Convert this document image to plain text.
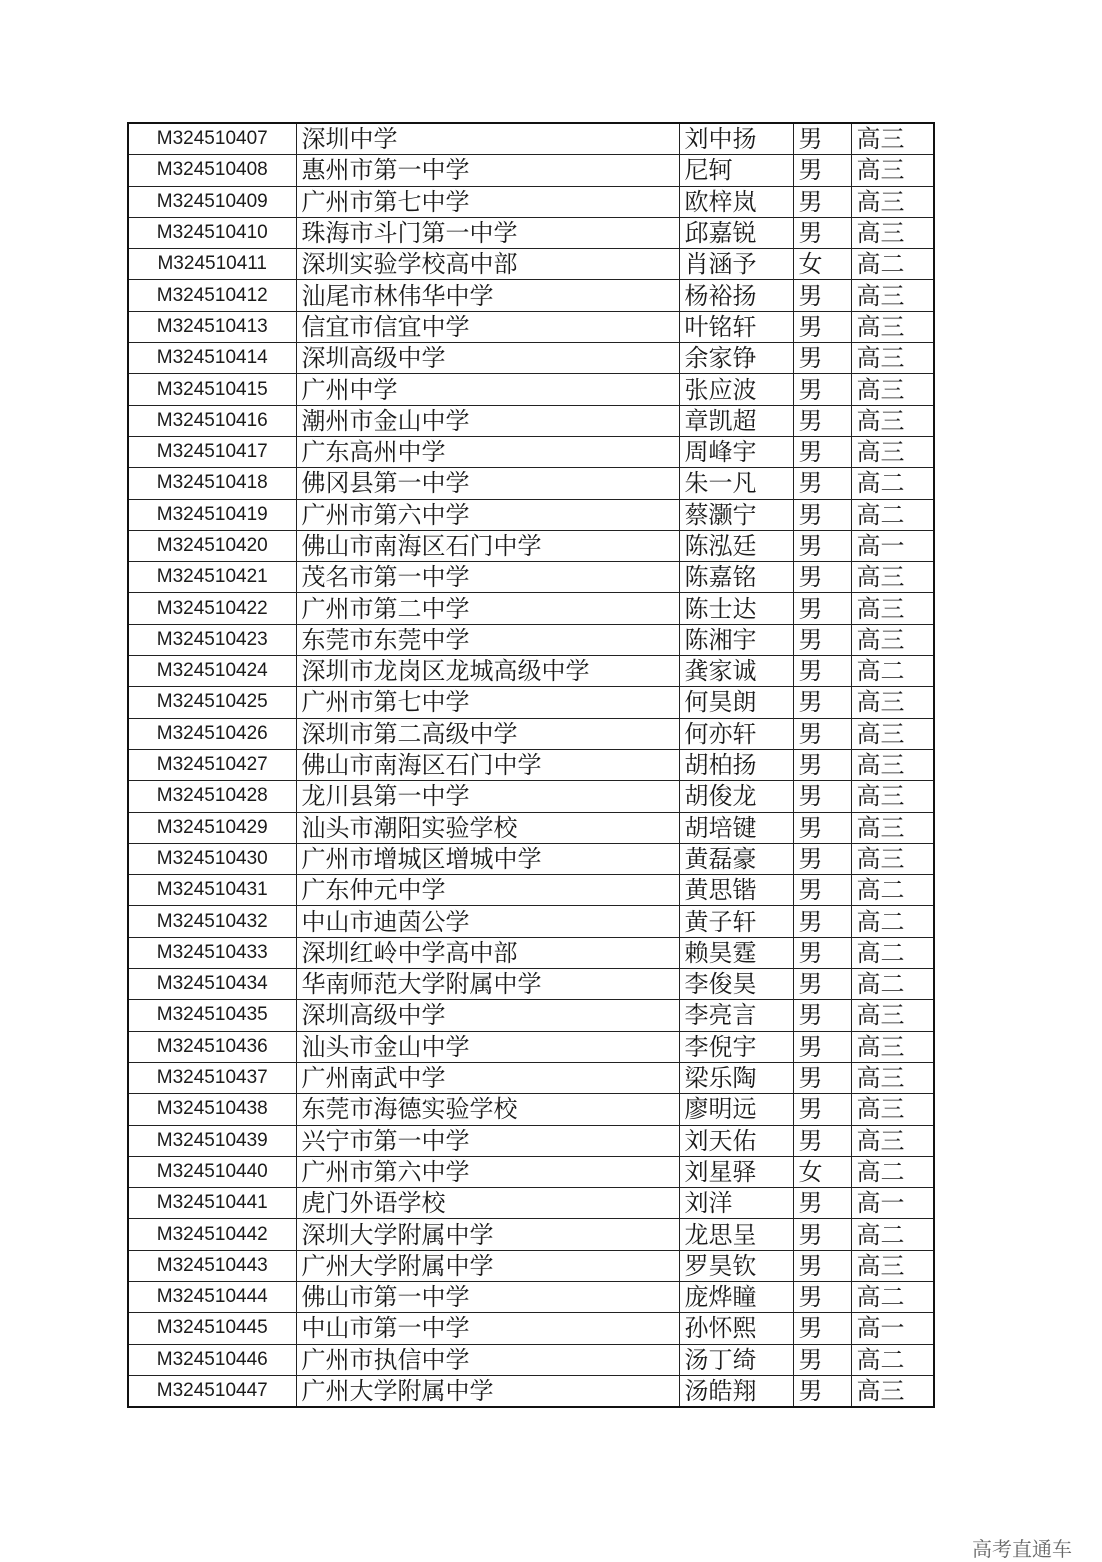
M324510407	深圳中学	刘中扬	男	高三
M324510408	惠州市第一中学	尼轲	男	高三
M324510409	广州市第七中学	欧梓岚	男	高三
M324510410	珠海市斗门第一中学	邱嘉锐	男	高三
M324510411	深圳实验学校高中部	肖涵予	女	高二
M324510412	汕尾市林伟华中学	杨裕扬	男	高三
M324510413	信宜市信宜中学	叶铭轩	男	高三
M324510414	深圳高级中学	余家铮	男	高三
M324510415	广州中学	张应波	男	高三
M324510416	潮州市金山中学	章凯超	男	高三
M324510417	广东高州中学	周峰宇	男	高三
M324510418	佛冈县第一中学	朱一凡	男	高二
M324510419	广州市第六中学	蔡灏宁	男	高二
M324510420	佛山市南海区石门中学	陈泓廷	男	高一
M324510421	茂名市第一中学	陈嘉铭	男	高三
M324510422	广州市第二中学	陈士达	男	高三
M324510423	东莞市东莞中学	陈湘宇	男	高三
M324510424	深圳市龙岗区龙城高级中学	龚家诚	男	高二
M324510425	广州市第七中学	何昊朗	男	高三
M324510426	深圳市第二高级中学	何亦轩	男	高三
M324510427	佛山市南海区石门中学	胡柏扬	男	高三
M324510428	龙川县第一中学	胡俊龙	男	高三
M324510429	汕头市潮阳实验学校	胡培键	男	高三
M324510430	广州市增城区增城中学	黄磊豪	男	高三
M324510431	广东仲元中学	黄思锴	男	高二
M324510432	中山市迪茵公学	黄子轩	男	高二
M324510433	深圳红岭中学高中部	赖昊霆	男	高二
M324510434	华南师范大学附属中学	李俊昊	男	高二
M324510435	深圳高级中学	李亮言	男	高三
M324510436	汕头市金山中学	李倪宇	男	高三
M324510437	广州南武中学	梁乐陶	男	高三
M324510438	东莞市海德实验学校	廖明远	男	高三
M324510439	兴宁市第一中学	刘天佑	男	高三
M324510440	广州市第六中学	刘星驿	女	高二
M324510441	虎门外语学校	刘洋	男	高一
M324510442	深圳大学附属中学	龙思呈	男	高二
M324510443	广州大学附属中学	罗昊钦	男	高三
M324510444	佛山市第一中学	庞烨瞳	男	高二
M324510445	中山市第一中学	孙怀熙	男	高一
M324510446	广州市执信中学	汤丁绮	男	高二
M324510447	广州大学附属中学	汤皓翔	男	高三
高考直通车
